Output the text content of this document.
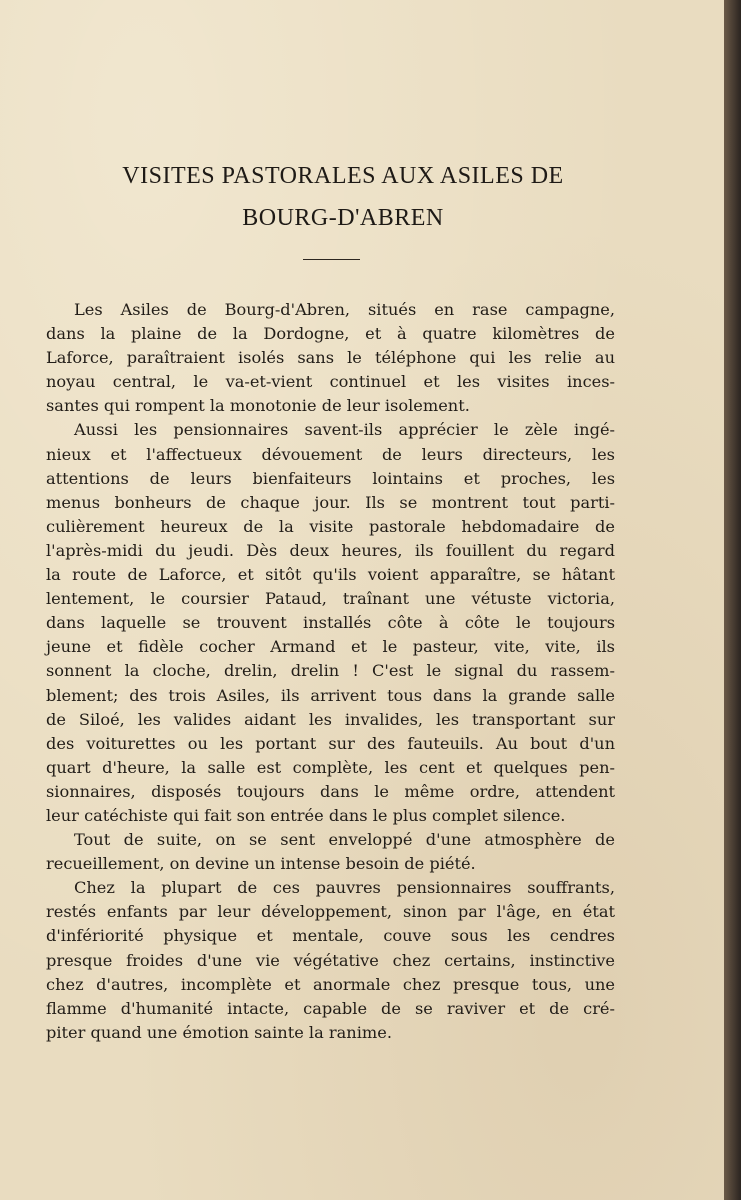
VISITES PASTORALES AUX ASILES DE
BOURG-D'ABREN
Les Asiles de Bourg-d'Abren, situés en rase campagne,
dans la plaine de la Dordogne, et à quatre kilomètres de
Laforce, paraîtraient isolés sans le téléphone qui les relie au
noyau central, le va-et-vient continuel et les visites inces-
santes qui rompent la monotonie de leur isolement.
Aussi les pensionnaires savent-ils apprécier le zèle ingé-
nieux et l'affectueux dévouement de leurs directeurs, les
attentions de leurs bienfaiteurs lointains et proches, les
menus bonheurs de chaque jour. Ils se montrent tout parti-
culièrement heureux de la visite pastorale hebdomadaire de
l'après-midi du jeudi. Dès deux heures, ils fouillent du regard
la route de Laforce, et sitôt qu'ils voient apparaître, se hâtant
lentement, le coursier Pataud, traînant une vétuste victoria,
dans laquelle se trouvent installés côte à côte le toujours
jeune et fidèle cocher Armand et le pasteur, vite, vite, ils
sonnent la cloche, drelin, drelin ! C'est le signal du rassem-
blement; des trois Asiles, ils arrivent tous dans la grande salle
de Siloé, les valides aidant les invalides, les transportant sur
des voiturettes ou les portant sur des fauteuils. Au bout d'un
quart d'heure, la salle est complète, les cent et quelques pen-
sionnaires, disposés toujours dans le même ordre, attendent
leur catéchiste qui fait son entrée dans le plus complet silence.
Tout de suite, on se sent enveloppé d'une atmosphère de
recueillement, on devine un intense besoin de piété.
Chez la plupart de ces pauvres pensionnaires souffrants,
restés enfants par leur développement, sinon par l'âge, en état
d'infériorité physique et mentale, couve sous les cendres
presque froides d'une vie végétative chez certains, instinctive
chez d'autres, incomplète et anormale chez presque tous, une
flamme d'humanité intacte, capable de se raviver et de cré-
piter quand une émotion sainte la ranime.
